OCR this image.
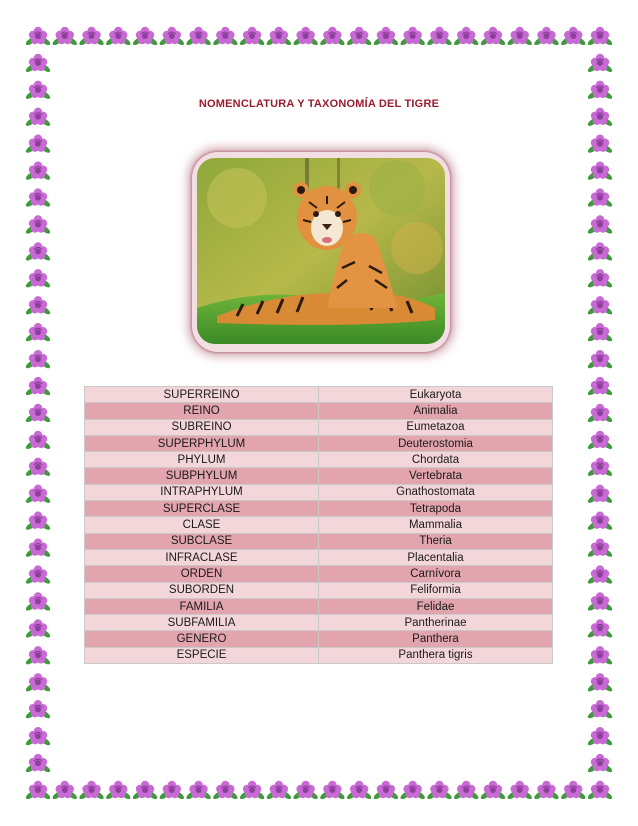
NOMENCLATURA Y TAXONOMÍA DEL TIGRE
SUPERREINO	Eukaryota
REINO	Animalia
SUBREINO	Eumetazoa
SUPERPHYLUM	Deuterostomia
PHYLUM	Chordata
SUBPHYLUM	Vertebrata
INTRAPHYLUM	Gnathostomata
SUPERCLASE	Tetrapoda
CLASE	Mammalia
SUBCLASE	Theria
INFRACLASE	Placentalia
ORDEN	Carnívora
SUBORDEN	Feliformia
FAMILIA	Felidae
SUBFAMILIA	Pantherinae
GENERO	Panthera
ESPECIE	Panthera tigris
